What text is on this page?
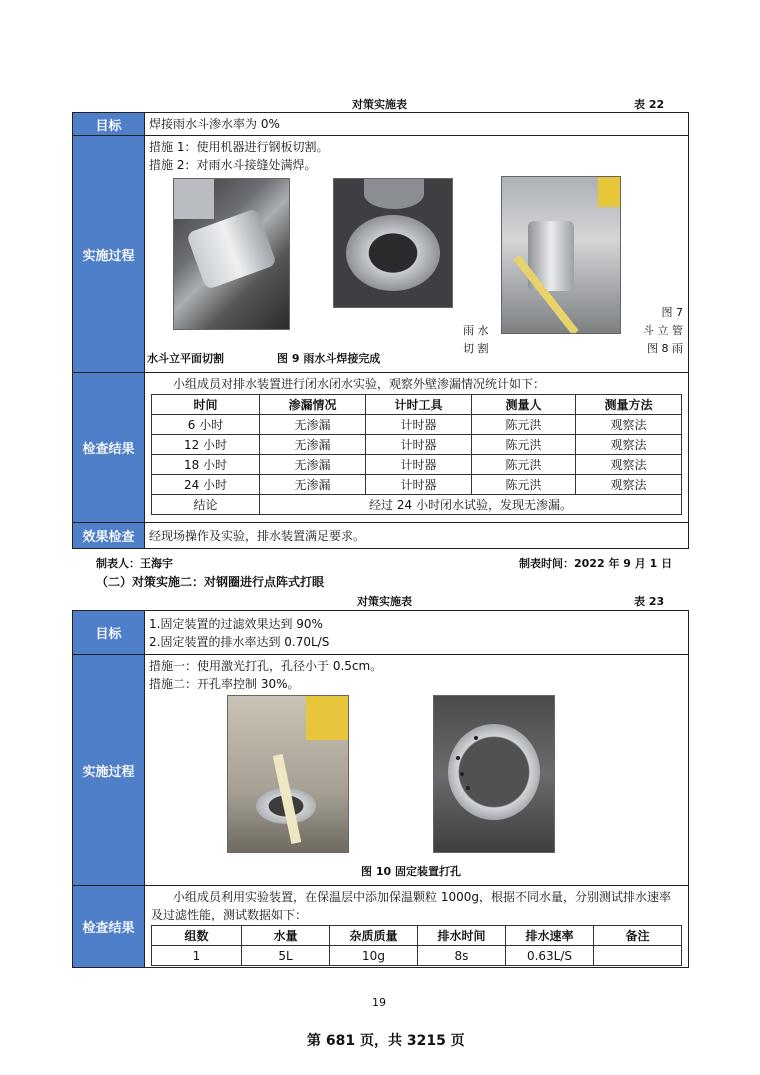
对策实施表	表 22
目标	焊接雨水斗渗水率为 0%

实施过程	
措施 1：使用机器进行钢板切割。
措施 2：对雨水斗接缝处满焊。
雨 水
切 割
图 7
斗 立 管
图 8 雨
水斗立平面切割	图 9 雨水斗焊接完成

检查结果	
小组成员对排水装置进行闭水闭水实验，观察外壁渗漏情况统计如下：
时间	渗漏情况	计时工具	测量人	测量方法
6 小时	无渗漏	计时器	陈元洪	观察法
12 小时	无渗漏	计时器	陈元洪	观察法
18 小时	无渗漏	计时器	陈元洪	观察法
24 小时	无渗漏	计时器	陈元洪	观察法
结论	经过 24 小时闭水试验，发现无渗漏。

效果检查	经现场操作及实验，排水装置满足要求。
制表人：王海宇	制表时间：2022 年 9 月 1 日
（二）对策实施二：对钢圈进行点阵式打眼
对策实施表	表 23
目标	
1.固定装置的过滤效果达到 90%
2.固定装置的排水率达到 0.70L/S

实施过程	
措施一：使用激光打孔，孔径小于 0.5cm。
措施二：开孔率控制 30%。
图 10 固定装置打孔

检查结果	
小组成员利用实验装置，在保温层中添加保温颗粒 1000g，根据不同水量，分别测试排水速率及过滤性能，测试数据如下：
组数	水量	杂质质量	排水时间	排水速率	备注
1	5L	10g	8s	0.63L/S	
19
第 681 页，共 3215 页
